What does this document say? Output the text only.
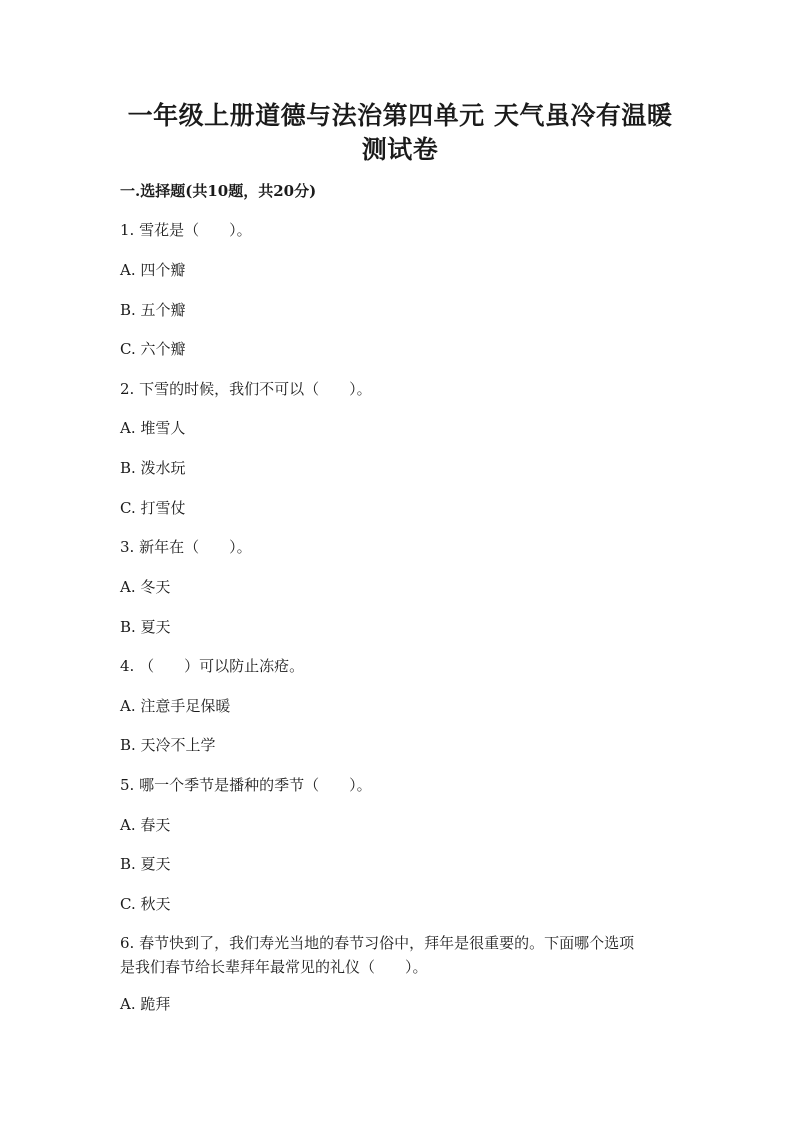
一年级上册道德与法治第四单元 天气虽冷有温暖
测试卷
一.选择题(共10题，共20分)
1. 雪花是（　　）。
A. 四个瓣
B. 五个瓣
C. 六个瓣
2. 下雪的时候，我们不可以（　　）。
A. 堆雪人
B. 泼水玩
C. 打雪仗
3. 新年在（　　）。
A. 冬天
B. 夏天
4. （　　）可以防止冻疮。
A. 注意手足保暖
B. 天冷不上学
5. 哪一个季节是播种的季节（　　）。
A. 春天
B. 夏天
C. 秋天
6. 春节快到了，我们寿光当地的春节习俗中，拜年是很重要的。下面哪个选项
是我们春节给长辈拜年最常见的礼仪（　　）。
A. 跪拜
